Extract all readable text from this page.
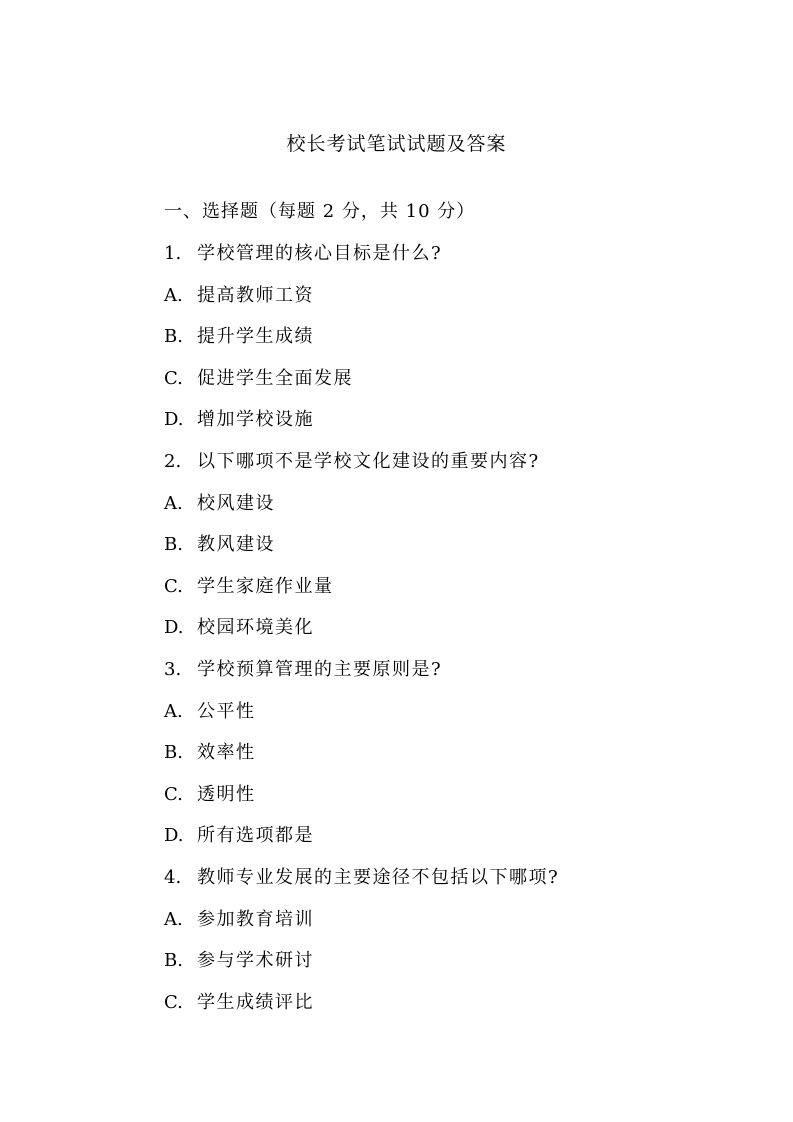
校长考试笔试试题及答案
一、选择题（每题 2 分，共 10 分）
1. 学校管理的核心目标是什么?
A. 提高教师工资
B. 提升学生成绩
C. 促进学生全面发展
D. 增加学校设施
2. 以下哪项不是学校文化建设的重要内容?
A. 校风建设
B. 教风建设
C. 学生家庭作业量
D. 校园环境美化
3. 学校预算管理的主要原则是?
A. 公平性
B. 效率性
C. 透明性
D. 所有选项都是
4. 教师专业发展的主要途径不包括以下哪项?
A. 参加教育培训
B. 参与学术研讨
C. 学生成绩评比
